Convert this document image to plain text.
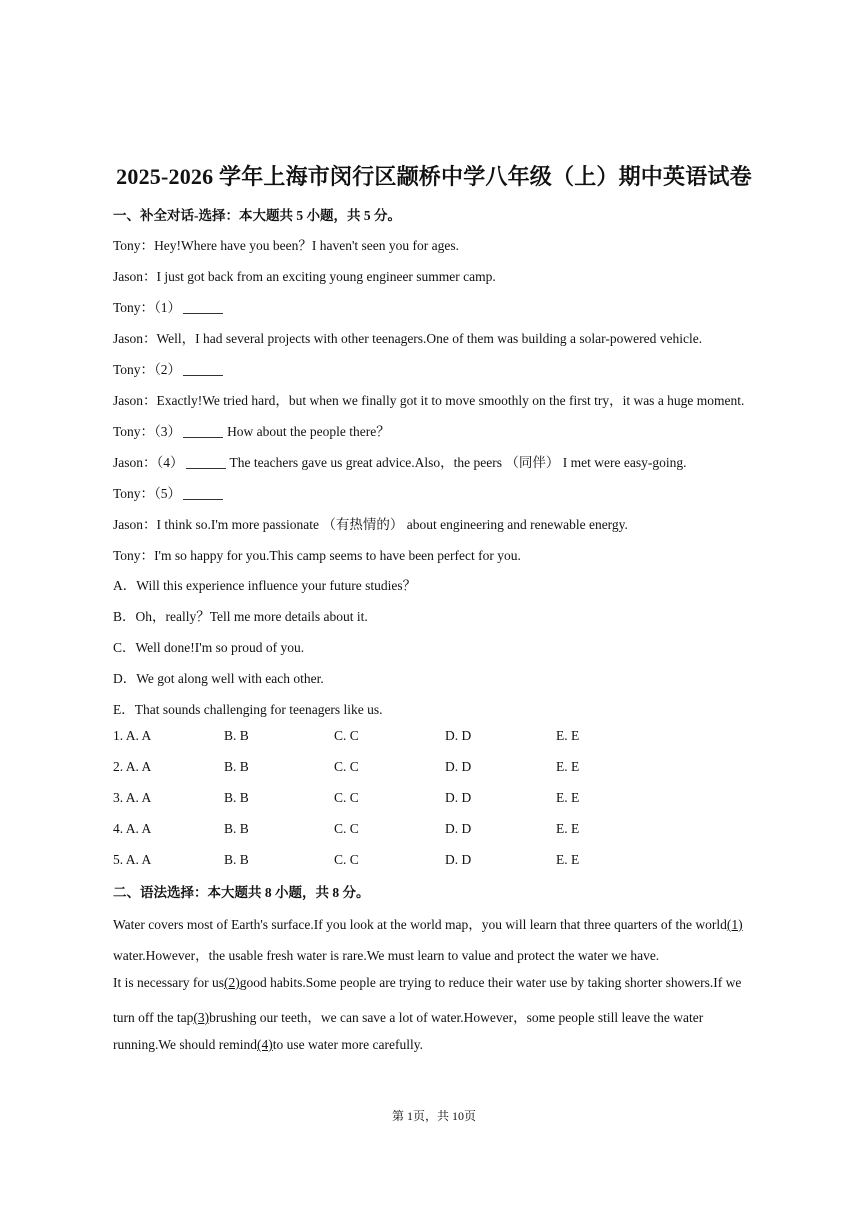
2025-2026 学年上海市闵行区颛桥中学八年级（上）期中英语试卷
一、补全对话-选择：本大题共 5 小题，共 5 分。
Tony：Hey!Where have you been？I haven't seen you for ages.
Jason：I just got back from an exciting young engineer summer camp.
Tony：（1）
Jason：Well，I had several projects with other teenagers.One of them was building a solar-powered vehicle.
Tony：（2）
Jason：Exactly!We tried hard，but when we finally got it to move smoothly on the first try，it was a huge moment.
Tony：（3）	How about the people there？
Jason：（4）	The teachers gave us great advice.Also，the peers （同伴） I met were easy-going.
Tony：（5）
Jason：I think so.I'm more passionate （有热情的） about engineering and renewable energy.
Tony：I'm so happy for you.This camp seems to have been perfect for you.
A．Will this experience influence your future studies？
B．Oh，really？Tell me more details about it.
C．Well done!I'm so proud of you.
D．We got along well with each other.
E．That sounds challenging for teenagers like us.
1. A. A	B. B	C. C	D. D	E. E
2. A. A	B. B	C. C	D. D	E. E
3. A. A	B. B	C. C	D. D	E. E
4. A. A	B. B	C. C	D. D	E. E
5. A. A	B. B	C. C	D. D	E. E
二、语法选择：本大题共 8 小题，共 8 分。
Water covers most of Earth's surface.If you look at the world map，you will learn that three quarters of the world(1)
water.However，the usable fresh water is rare.We must learn to value and protect the water we have.
It is necessary for us(2)good habits.Some people are trying to reduce their water use by taking shorter showers.If we
turn off the tap(3)brushing our teeth，we can save a lot of water.However，some people still leave the water
running.We should remind(4)to use water more carefully.
第 1页，共 10页
